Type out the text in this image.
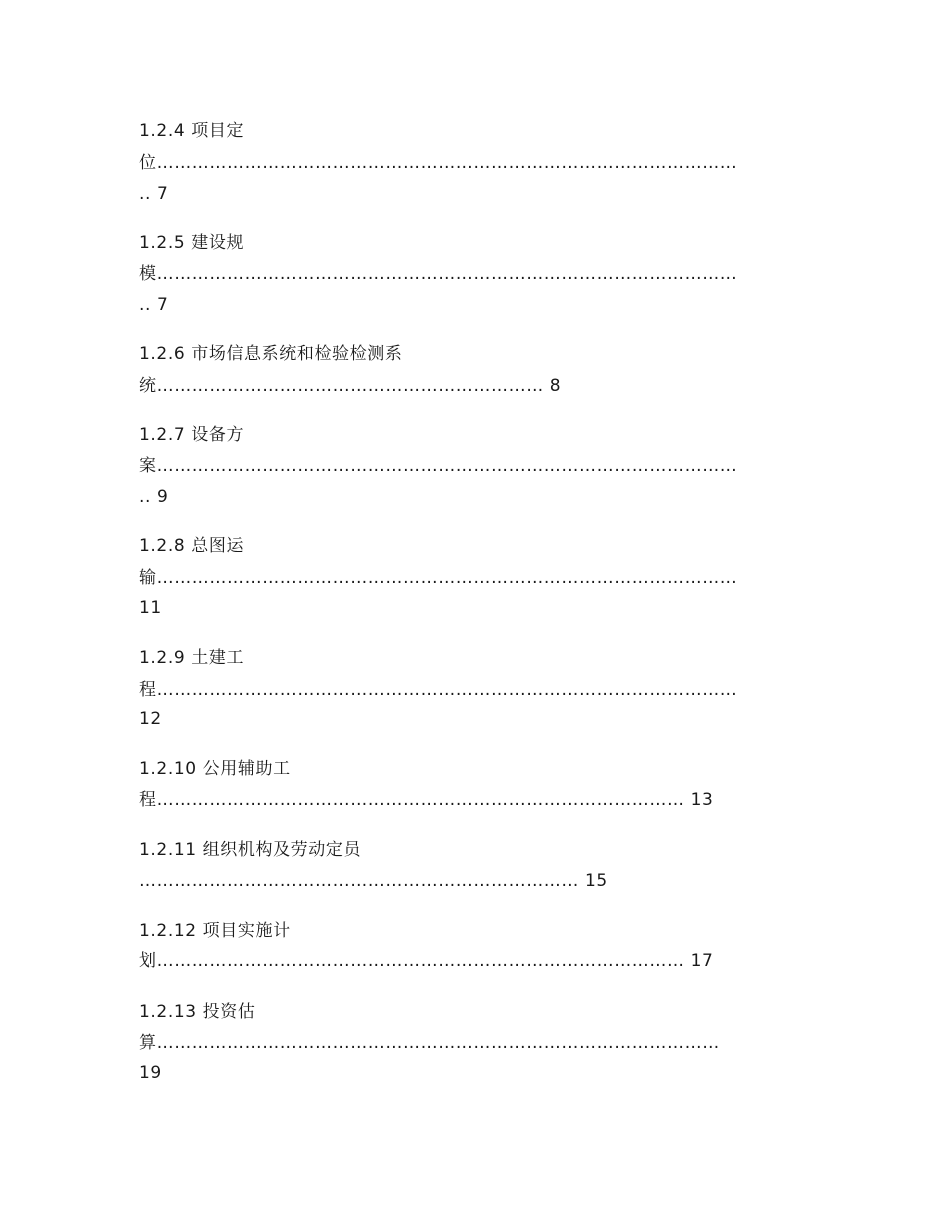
1.2.4 项目定
位………………………………………………………………………………………
.. 7
1.2.5 建设规
模………………………………………………………………………………………
.. 7
1.2.6 市场信息系统和检验检测系
统………………………………………………………… 8
1.2.7 设备方
案………………………………………………………………………………………
.. 9
1.2.8 总图运
输………………………………………………………………………………………
11
1.2.9 土建工
程………………………………………………………………………………………
12
1.2.10 公用辅助工
程……………………………………………………………………………… 13
1.2.11 组织机构及劳动定员
………………………………………………………………… 15
1.2.12 项目实施计
划……………………………………………………………………………… 17
1.2.13 投资估
算……………………………………………………………………………………
19
